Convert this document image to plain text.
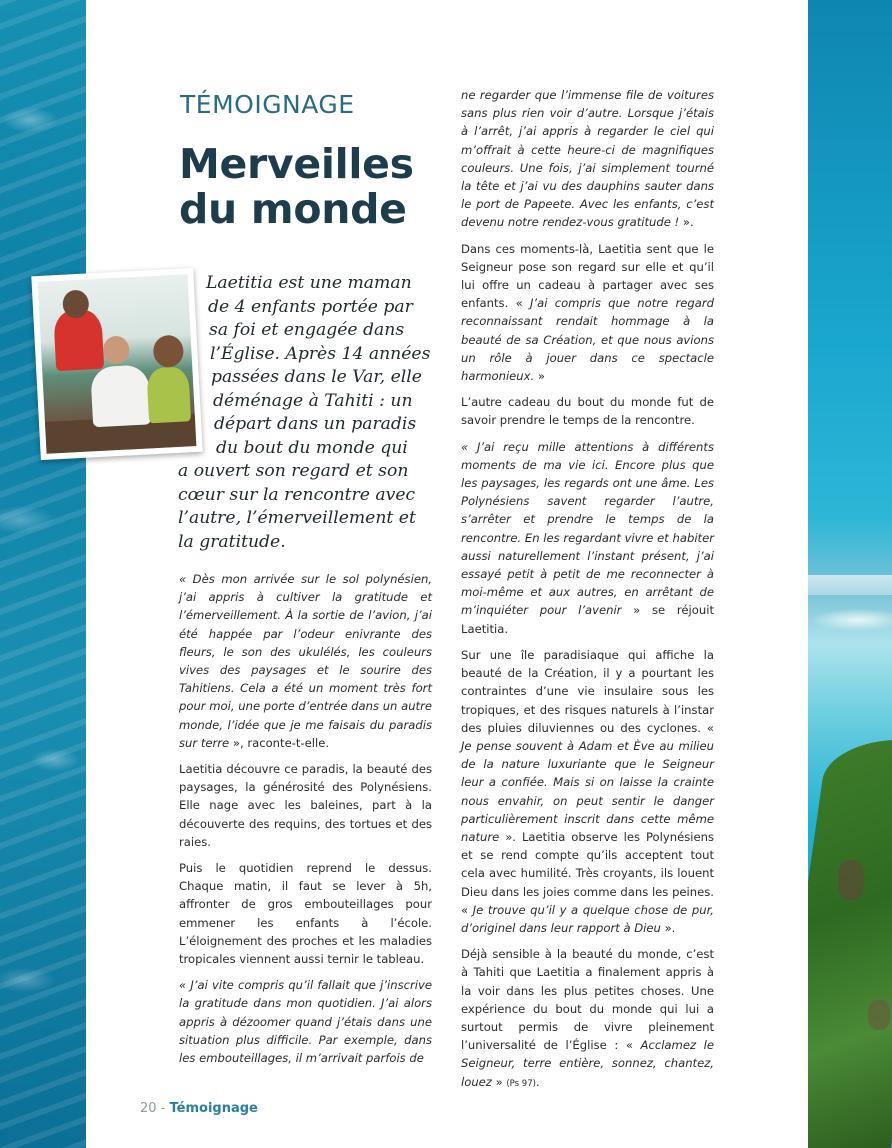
TÉMOIGNAGE
Merveilles du monde
Laetitia est une maman
de 4 enfants portée par
sa foi et engagée dans
l’Église. Après 14 années
passées dans le Var, elle
déménage à Tahiti : un
départ dans un paradis
du bout du monde qui
a ouvert son regard et son
cœur sur la rencontre avec
l’autre, l’émerveillement et
la gratitude.

« Dès mon arrivée sur le sol polynésien, j’ai appris à cultiver la gratitude et l’émerveillement. À la sortie de l’avion, j’ai été happée par l’odeur enivrante des fleurs, le son des ukulélés, les couleurs vives des paysages et le sourire des Tahitiens. Cela a été un moment très fort pour moi, une porte d’entrée dans un autre monde, l’idée que je me faisais du paradis sur terre », raconte-t-elle.

Laetitia découvre ce paradis, la beauté des paysages, la générosité des Polynésiens. Elle nage avec les baleines, part à la découverte des requins, des tortues et des raies.

Puis le quotidien reprend le dessus. Chaque matin, il faut se lever à 5h, affronter de gros embouteillages pour emmener les enfants à l’école. L’éloignement des proches et les maladies tropicales viennent aussi ternir le tableau.

« J’ai vite compris qu’il fallait que j’inscrive la gratitude dans mon quotidien. J’ai alors appris à dézoomer quand j’étais dans une situation plus difficile. Par exemple, dans les embouteillages, il m’arrivait parfois de

ne regarder que l’immense file de voitures sans plus rien voir d’autre. Lorsque j’étais à l’arrêt, j’ai appris à regarder le ciel qui m’offrait à cette heure-ci de magnifiques couleurs. Une fois, j’ai simplement tourné la tête et j’ai vu des dauphins sauter dans le port de Papeete. Avec les enfants, c’est devenu notre rendez-vous gratitude ! ».

Dans ces moments-là, Laetitia sent que le Seigneur pose son regard sur elle et qu’il lui offre un cadeau à partager avec ses enfants. « J’ai compris que notre regard reconnaissant rendait hommage à la beauté de sa Création, et que nous avions un rôle à jouer dans ce spectacle harmonieux. »

L’autre cadeau du bout du monde fut de savoir prendre le temps de la rencontre.

« J’ai reçu mille attentions à différents moments de ma vie ici. Encore plus que les paysages, les regards ont une âme. Les Polynésiens savent regarder l’autre, s’arrêter et prendre le temps de la rencontre. En les regardant vivre et habiter aussi naturellement l’instant présent, j’ai essayé petit à petit de me reconnecter à moi-même et aux autres, en arrêtant de m’inquiéter pour l’avenir » se réjouit Laetitia.

Sur une île paradisiaque qui affiche la beauté de la Création, il y a pourtant les contraintes d’une vie insulaire sous les tropiques, et des risques naturels à l’instar des pluies diluviennes ou des cyclones. « Je pense souvent à Adam et Ève au milieu de la nature luxuriante que le Seigneur leur a confiée. Mais si on laisse la crainte nous envahir, on peut sentir le danger particulièrement inscrit dans cette même nature ». Laetitia observe les Polynésiens et se rend compte qu’ils acceptent tout cela avec humilité. Très croyants, ils louent Dieu dans les joies comme dans les peines. « Je trouve qu’il y a quelque chose de pur, d’originel dans leur rapport à Dieu ».

Déjà sensible à la beauté du monde, c’est à Tahiti que Laetitia a finalement appris à la voir dans les plus petites choses. Une expérience du bout du monde qui lui a surtout permis de vivre pleinement l’universalité de l’Église : « Acclamez le Seigneur, terre entière, sonnez, chantez, louez » (Ps 97).

20 - Témoignage
